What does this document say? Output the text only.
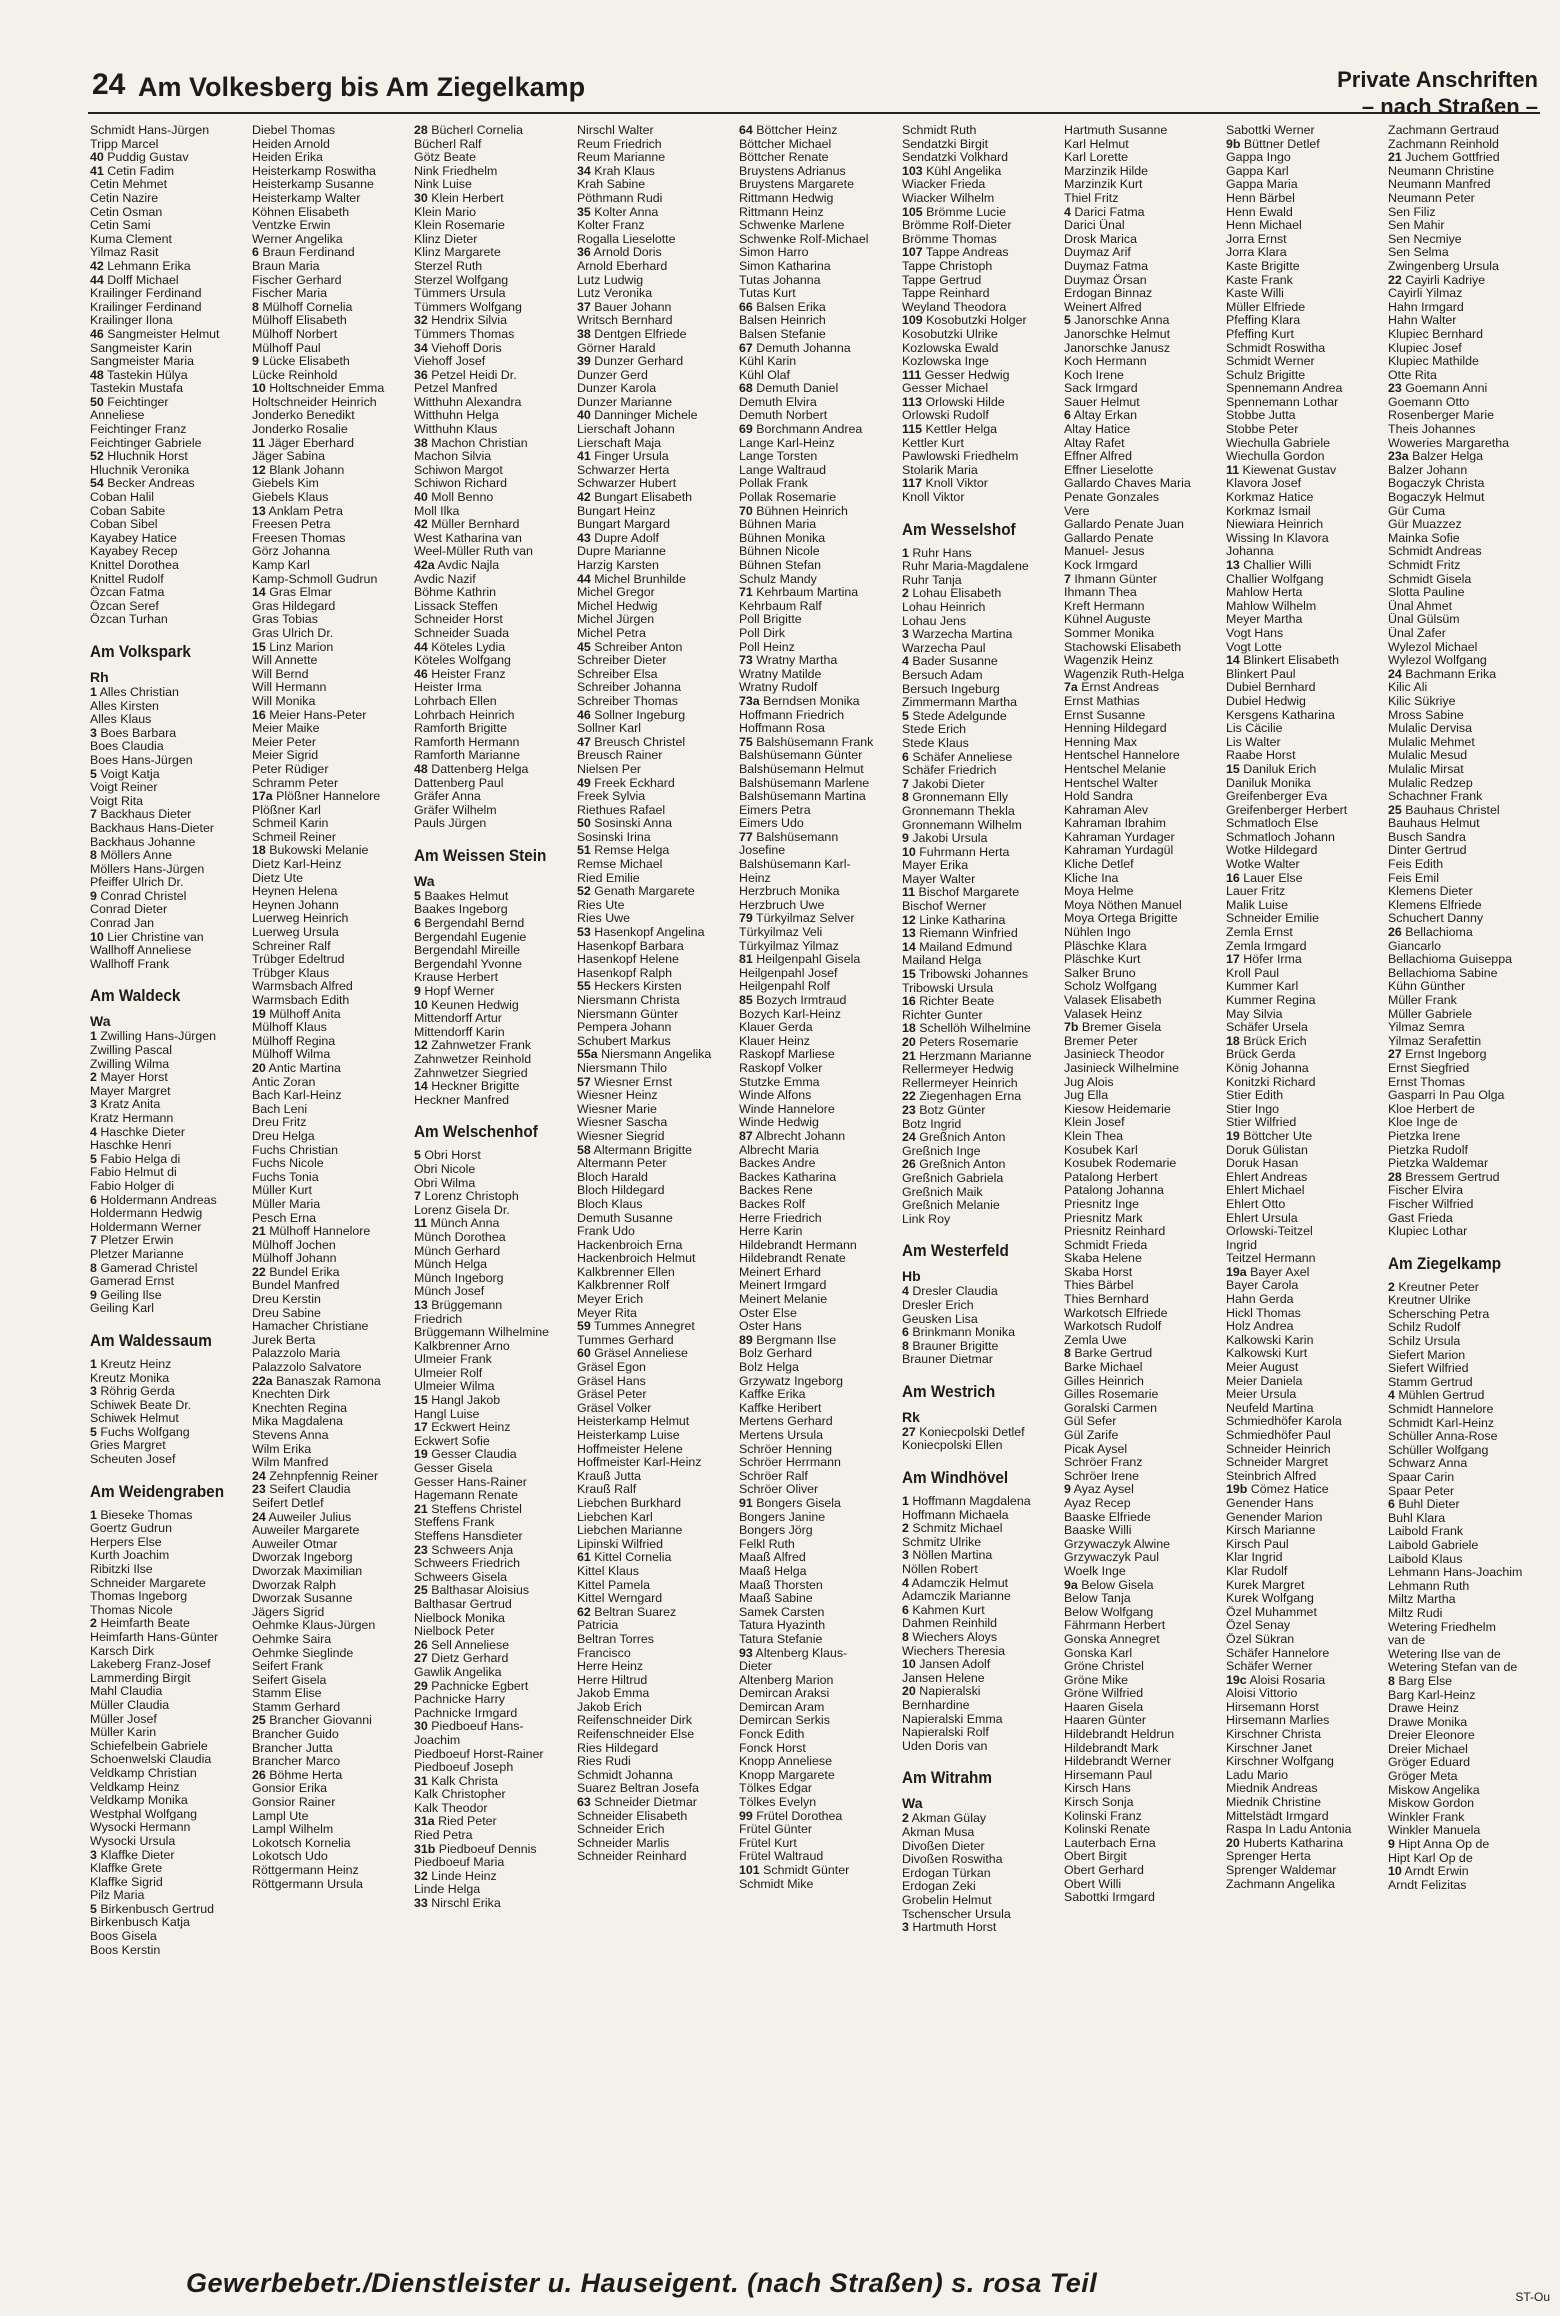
24 Am Volkesberg bis Am Ziegelkamp	Private Anschriften
– nach Straßen –
Schmidt Hans-Jürgen
Tripp Marcel
40 Puddig Gustav
41 Cetin Fadim
Cetin Mehmet
Cetin Nazire
Cetin Osman
Cetin Sami
Kuma Clement
Yilmaz Rasit
42 Lehmann Erika
44 Dolff Michael
Krailinger Ferdinand
Krailinger Ferdinand
Krailinger Ilona
46 Sangmeister Helmut
Sangmeister Karin
Sangmeister Maria
48 Tastekin Hülya
Tastekin Mustafa
50 Feichtinger
Anneliese
Feichtinger Franz
Feichtinger Gabriele
52 Hluchnik Horst
Hluchnik Veronika
54 Becker Andreas
Coban Halil
Coban Sabite
Coban Sibel
Kayabey Hatice
Kayabey Recep
Knittel Dorothea
Knittel Rudolf
Özcan Fatma
Özcan Seref
Özcan Turhan
Am Volkspark
Rh
1 Alles Christian
Alles Kirsten
Alles Klaus
3 Boes Barbara
Boes Claudia
Boes Hans-Jürgen
5 Voigt Katja
Voigt Reiner
Voigt Rita
7 Backhaus Dieter
Backhaus Hans-Dieter
Backhaus Johanne
8 Möllers Anne
Möllers Hans-Jürgen
Pfeiffer Ulrich Dr.
9 Conrad Christel
Conrad Dieter
Conrad Jan
10 Lier Christine van
Wallhoff Anneliese
Wallhoff Frank
Am Waldeck
Wa
1 Zwilling Hans-Jürgen
Zwilling Pascal
Zwilling Wilma
2 Mayer Horst
Mayer Margret
3 Kratz Anita
Kratz Hermann
4 Haschke Dieter
Haschke Henri
5 Fabio Helga di
Fabio Helmut di
Fabio Holger di
6 Holdermann Andreas
Holdermann Hedwig
Holdermann Werner
7 Pletzer Erwin
Pletzer Marianne
8 Gamerad Christel
Gamerad Ernst
9 Geiling Ilse
Geiling Karl
Am Waldessaum
1 Kreutz Heinz
Kreutz Monika
3 Röhrig Gerda
Schiwek Beate Dr.
Schiwek Helmut
5 Fuchs Wolfgang
Gries Margret
Scheuten Josef
Am Weidengraben
1 Bieseke Thomas
Goertz Gudrun
Herpers Else
Kurth Joachim
Ribitzki Ilse
Schneider Margarete
Thomas Ingeborg
Thomas Nicole
2 Heimfarth Beate
Heimfarth Hans-Günter
Karsch Dirk
Lakeberg Franz-Josef
Lammerding Birgit
Mahl Claudia
Müller Claudia
Müller Josef
Müller Karin
Schiefelbein Gabriele
Schoenwelski Claudia
Veldkamp Christian
Veldkamp Heinz
Veldkamp Monika
Westphal Wolfgang
Wysocki Hermann
Wysocki Ursula
3 Klaffke Dieter
Klaffke Grete
Klaffke Sigrid
Pilz Maria
5 Birkenbusch Gertrud
Birkenbusch Katja
Boos Gisela
Boos Kerstin
Diebel Thomas
Heiden Arnold
Heiden Erika
Heisterkamp Roswitha
Heisterkamp Susanne
Heisterkamp Walter
Köhnen Elisabeth
Ventzke Erwin
Werner Angelika
6 Braun Ferdinand
Braun Maria
Fischer Gerhard
Fischer Maria
8 Mülhoff Cornelia
Mülhoff Elisabeth
Mülhoff Norbert
Mülhoff Paul
9 Lücke Elisabeth
Lücke Reinhold
10 Holtschneider Emma
Holtschneider Heinrich
Jonderko Benedikt
Jonderko Rosalie
11 Jäger Eberhard
Jäger Sabina
12 Blank Johann
Giebels Kim
Giebels Klaus
13 Anklam Petra
Freesen Petra
Freesen Thomas
Görz Johanna
Kamp Karl
Kamp-Schmoll Gudrun
14 Gras Elmar
Gras Hildegard
Gras Tobias
Gras Ulrich Dr.
15 Linz Marion
Will Annette
Will Bernd
Will Hermann
Will Monika
16 Meier Hans-Peter
Meier Maike
Meier Peter
Meier Sigrid
Peter Rüdiger
Schramm Peter
17a Plößner Hannelore
Plößner Karl
Schmeil Karin
Schmeil Reiner
18 Bukowski Melanie
Dietz Karl-Heinz
Dietz Ute
Heynen Helena
Heynen Johann
Luerweg Heinrich
Luerweg Ursula
Schreiner Ralf
Trübger Edeltrud
Trübger Klaus
Warmsbach Alfred
Warmsbach Edith
19 Mülhoff Anita
Mülhoff Klaus
Mülhoff Regina
Mülhoff Wilma
20 Antic Martina
Antic Zoran
Bach Karl-Heinz
Bach Leni
Dreu Fritz
Dreu Helga
Fuchs Christian
Fuchs Nicole
Fuchs Tonia
Müller Kurt
Müller Maria
Pesch Erna
21 Mülhoff Hannelore
Mülhoff Jochen
Mülhoff Johann
22 Bundel Erika
Bundel Manfred
Dreu Kerstin
Dreu Sabine
Hamacher Christiane
Jurek Berta
Palazzolo Maria
Palazzolo Salvatore
22a Banaszak Ramona
Knechten Dirk
Knechten Regina
Mika Magdalena
Stevens Anna
Wilm Erika
Wilm Manfred
24 Zehnpfennig Reiner
23 Seifert Claudia
Seifert Detlef
24 Auweiler Julius
Auweiler Margarete
Auweiler Otmar
Dworzak Ingeborg
Dworzak Maximilian
Dworzak Ralph
Dworzak Susanne
Jägers Sigrid
Oehmke Klaus-Jürgen
Oehmke Saira
Oehmke Sieglinde
Seifert Frank
Seifert Gisela
Stamm Elise
Stamm Gerhard
25 Brancher Giovanni
Brancher Guido
Brancher Jutta
Brancher Marco
26 Böhme Herta
Gonsior Erika
Gonsior Rainer
Lampl Ute
Lampl Wilhelm
Lokotsch Kornelia
Lokotsch Udo
Röttgermann Heinz
Röttgermann Ursula
28 Bücherl Cornelia
Bücherl Ralf
Götz Beate
Nink Friedhelm
Nink Luise
30 Klein Herbert
Klein Mario
Klein Rosemarie
Klinz Dieter
Klinz Margarete
Sterzel Ruth
Sterzel Wolfgang
Tümmers Ursula
Tümmers Wolfgang
32 Hendrix Silvia
Tümmers Thomas
34 Viehoff Doris
Viehoff Josef
36 Petzel Heidi Dr.
Petzel Manfred
Witthuhn Alexandra
Witthuhn Helga
Witthuhn Klaus
38 Machon Christian
Machon Silvia
Schiwon Margot
Schiwon Richard
40 Moll Benno
Moll Ilka
42 Müller Bernhard
West Katharina van
Weel-Müller Ruth van
42a Avdic Najla
Avdic Nazif
Böhme Kathrin
Lissack Steffen
Schneider Horst
Schneider Suada
44 Köteles Lydia
Köteles Wolfgang
46 Heister Franz
Heister Irma
Lohrbach Ellen
Lohrbach Heinrich
Ramforth Brigitte
Ramforth Hermann
Ramforth Marianne
48 Dattenberg Helga
Dattenberg Paul
Gräfer Anna
Gräfer Wilhelm
Pauls Jürgen
Am Weissen Stein
Wa
5 Baakes Helmut
Baakes Ingeborg
6 Bergendahl Bernd
Bergendahl Eugenie
Bergendahl Mireille
Bergendahl Yvonne
Krause Herbert
9 Hopf Werner
10 Keunen Hedwig
Mittendorff Artur
Mittendorff Karin
12 Zahnwetzer Frank
Zahnwetzer Reinhold
Zahnwetzer Siegried
14 Heckner Brigitte
Heckner Manfred
Am Welschenhof
5 Obri Horst
Obri Nicole
Obri Wilma
7 Lorenz Christoph
Lorenz Gisela Dr.
11 Münch Anna
Münch Dorothea
Münch Gerhard
Münch Helga
Münch Ingeborg
Münch Josef
13 Brüggemann
Friedrich
Brüggemann Wilhelmine
Kalkbrenner Arno
Ulmeier Frank
Ulmeier Rolf
Ulmeier Wilma
15 Hangl Jakob
Hangl Luise
17 Eckwert Heinz
Eckwert Sofie
19 Gesser Claudia
Gesser Gisela
Gesser Hans-Rainer
Hagemann Renate
21 Steffens Christel
Steffens Frank
Steffens Hansdieter
23 Schweers Anja
Schweers Friedrich
Schweers Gisela
25 Balthasar Aloisius
Balthasar Gertrud
Nielbock Monika
Nielbock Peter
26 Sell Anneliese
27 Dietz Gerhard
Gawlik Angelika
29 Pachnicke Egbert
Pachnicke Harry
Pachnicke Irmgard
30 Piedboeuf Hans-
Joachim
Piedboeuf Horst-Rainer
Piedboeuf Joseph
31 Kalk Christa
Kalk Christopher
Kalk Theodor
31a Ried Peter
Ried Petra
31b Piedboeuf Dennis
Piedboeuf Maria
32 Linde Heinz
Linde Helga
33 Nirschl Erika
Nirschl Walter
Reum Friedrich
Reum Marianne
34 Krah Klaus
Krah Sabine
Pöthmann Rudi
35 Kolter Anna
Kolter Franz
Rogalla Lieselotte
36 Arnold Doris
Arnold Eberhard
Lutz Ludwig
Lutz Veronika
37 Bauer Johann
Writsch Bernhard
38 Dentgen Elfriede
Görner Harald
39 Dunzer Gerhard
Dunzer Gerd
Dunzer Karola
Dunzer Marianne
40 Danninger Michele
Lierschaft Johann
Lierschaft Maja
41 Finger Ursula
Schwarzer Herta
Schwarzer Hubert
42 Bungart Elisabeth
Bungart Heinz
Bungart Margard
43 Dupre Adolf
Dupre Marianne
Harzig Karsten
44 Michel Brunhilde
Michel Gregor
Michel Hedwig
Michel Jürgen
Michel Petra
45 Schreiber Anton
Schreiber Dieter
Schreiber Elsa
Schreiber Johanna
Schreiber Thomas
46 Sollner Ingeburg
Sollner Karl
47 Breusch Christel
Breusch Rainer
Nielsen Per
49 Freek Eckhard
Freek Sylvia
Riethues Rafael
50 Sosinski Anna
Sosinski Irina
51 Remse Helga
Remse Michael
Ried Emilie
52 Genath Margarete
Ries Ute
Ries Uwe
53 Hasenkopf Angelina
Hasenkopf Barbara
Hasenkopf Helene
Hasenkopf Ralph
55 Heckers Kirsten
Niersmann Christa
Niersmann Günter
Pempera Johann
Schubert Markus
55a Niersmann Angelika
Niersmann Thilo
57 Wiesner Ernst
Wiesner Heinz
Wiesner Marie
Wiesner Sascha
Wiesner Siegrid
58 Altermann Brigitte
Altermann Peter
Bloch Harald
Bloch Hildegard
Bloch Klaus
Demuth Susanne
Frank Udo
Hackenbroich Erna
Hackenbroich Helmut
Kalkbrenner Ellen
Kalkbrenner Rolf
Meyer Erich
Meyer Rita
59 Tummes Annegret
Tummes Gerhard
60 Gräsel Anneliese
Gräsel Egon
Gräsel Hans
Gräsel Peter
Gräsel Volker
Heisterkamp Helmut
Heisterkamp Luise
Hoffmeister Helene
Hoffmeister Karl-Heinz
Krauß Jutta
Krauß Ralf
Liebchen Burkhard
Liebchen Karl
Liebchen Marianne
Lipinski Wilfried
61 Kittel Cornelia
Kittel Klaus
Kittel Pamela
Kittel Werngard
62 Beltran Suarez
Patricia
Beltran Torres
Francisco
Herre Heinz
Herre Hiltrud
Jakob Emma
Jakob Erich
Reifenschneider Dirk
Reifenschneider Else
Ries Hildegard
Ries Rudi
Schmidt Johanna
Suarez Beltran Josefa
63 Schneider Dietmar
Schneider Elisabeth
Schneider Erich
Schneider Marlis
Schneider Reinhard
64 Böttcher Heinz
Böttcher Michael
Böttcher Renate
Bruystens Adrianus
Bruystens Margarete
Rittmann Hedwig
Rittmann Heinz
Schwenke Marlene
Schwenke Rolf-Michael
Simon Harro
Simon Katharina
Tutas Johanna
Tutas Kurt
66 Balsen Erika
Balsen Heinrich
Balsen Stefanie
67 Demuth Johanna
Kühl Karin
Kühl Olaf
68 Demuth Daniel
Demuth Elvira
Demuth Norbert
69 Borchmann Andrea
Lange Karl-Heinz
Lange Torsten
Lange Waltraud
Pollak Frank
Pollak Rosemarie
70 Bühnen Heinrich
Bühnen Maria
Bühnen Monika
Bühnen Nicole
Bühnen Stefan
Schulz Mandy
71 Kehrbaum Martina
Kehrbaum Ralf
Poll Brigitte
Poll Dirk
Poll Heinz
73 Wratny Martha
Wratny Matilde
Wratny Rudolf
73a Berndsen Monika
Hoffmann Friedrich
Hoffmann Rosa
75 Balshüsemann Frank
Balshüsemann Günter
Balshüsemann Helmut
Balshüsemann Marlene
Balshüsemann Martina
Eimers Petra
Eimers Udo
77 Balshüsemann
Josefine
Balshüsemann Karl-
Heinz
Herzbruch Monika
Herzbruch Uwe
79 Türkyilmaz Selver
Türkyilmaz Veli
Türkyilmaz Yilmaz
81 Heilgenpahl Gisela
Heilgenpahl Josef
Heilgenpahl Rolf
85 Bozych Irmtraud
Bozych Karl-Heinz
Klauer Gerda
Klauer Heinz
Raskopf Marliese
Raskopf Volker
Stutzke Emma
Winde Alfons
Winde Hannelore
Winde Hedwig
87 Albrecht Johann
Albrecht Maria
Backes Andre
Backes Katharina
Backes Rene
Backes Rolf
Herre Friedrich
Herre Karin
Hildebrandt Hermann
Hildebrandt Renate
Meinert Erhard
Meinert Irmgard
Meinert Melanie
Oster Else
Oster Hans
89 Bergmann Ilse
Bolz Gerhard
Bolz Helga
Grzywatz Ingeborg
Kaffke Erika
Kaffke Heribert
Mertens Gerhard
Mertens Ursula
Schröer Henning
Schröer Herrmann
Schröer Ralf
Schröer Oliver
91 Bongers Gisela
Bongers Janine
Bongers Jörg
Felkl Ruth
Maaß Alfred
Maaß Helga
Maaß Thorsten
Maaß Sabine
Samek Carsten
Tatura Hyazinth
Tatura Stefanie
93 Altenberg Klaus-
Dieter
Altenberg Marion
Demircan Araksi
Demircan Aram
Demircan Serkis
Fonck Edith
Fonck Horst
Knopp Anneliese
Knopp Margarete
Tölkes Edgar
Tölkes Evelyn
99 Frütel Dorothea
Frütel Günter
Frütel Kurt
Frütel Waltraud
101 Schmidt Günter
Schmidt Mike
Schmidt Ruth
Sendatzki Birgit
Sendatzki Volkhard
103 Kühl Angelika
Wiacker Frieda
Wiacker Wilhelm
105 Brömme Lucie
Brömme Rolf-Dieter
Brömme Thomas
107 Tappe Andreas
Tappe Christoph
Tappe Gertrud
Tappe Reinhard
Weyland Theodora
109 Kosobutzki Holger
Kosobutzki Ulrike
Kozlowska Ewald
Kozlowska Inge
111 Gesser Hedwig
Gesser Michael
113 Orlowski Hilde
Orlowski Rudolf
115 Kettler Helga
Kettler Kurt
Pawlowski Friedhelm
Stolarik Maria
117 Knoll Viktor
Knoll Viktor
Am Wesselshof
1 Ruhr Hans
Ruhr Maria-Magdalene
Ruhr Tanja
2 Lohau Elisabeth
Lohau Heinrich
Lohau Jens
3 Warzecha Martina
Warzecha Paul
4 Bader Susanne
Bersuch Adam
Bersuch Ingeburg
Zimmermann Martha
5 Stede Adelgunde
Stede Erich
Stede Klaus
6 Schäfer Anneliese
Schäfer Friedrich
7 Jakobi Dieter
8 Gronnemann Elly
Gronnemann Thekla
Gronnemann Wilhelm
9 Jakobi Ursula
10 Fuhrmann Herta
Mayer Erika
Mayer Walter
11 Bischof Margarete
Bischof Werner
12 Linke Katharina
13 Riemann Winfried
14 Mailand Edmund
Mailand Helga
15 Tribowski Johannes
Tribowski Ursula
16 Richter Beate
Richter Gunter
18 Schellöh Wilhelmine
20 Peters Rosemarie
21 Herzmann Marianne
Rellermeyer Hedwig
Rellermeyer Heinrich
22 Ziegenhagen Erna
23 Botz Günter
Botz Ingrid
24 Greßnich Anton
Greßnich Inge
26 Greßnich Anton
Greßnich Gabriela
Greßnich Maik
Greßnich Melanie
Link Roy
Am Westerfeld
Hb
4 Dresler Claudia
Dresler Erich
Geusken Lisa
6 Brinkmann Monika
8 Brauner Brigitte
Brauner Dietmar
Am Westrich
Rk
27 Koniecpolski Detlef
Koniecpolski Ellen
Am Windhövel
1 Hoffmann Magdalena
Hoffmann Michaela
2 Schmitz Michael
Schmitz Ulrike
3 Nöllen Martina
Nöllen Robert
4 Adamczik Helmut
Adamczik Marianne
6 Kahmen Kurt
Dahmen Reinhild
8 Wiechers Aloys
Wiechers Theresia
10 Jansen Adolf
Jansen Helene
20 Napieralski
Bernhardine
Napieralski Emma
Napieralski Rolf
Uden Doris van
Am Witrahm
Wa
2 Akman Gülay
Akman Musa
Divoßen Dieter
Divoßen Roswitha
Erdogan Türkan
Erdogan Zeki
Grobelin Helmut
Tschenscher Ursula
3 Hartmuth Horst
Hartmuth Susanne
Karl Helmut
Karl Lorette
Marzinzik Hilde
Marzinzik Kurt
Thiel Fritz
4 Darici Fatma
Darici Ünal
Drosk Marica
Duymaz Arif
Duymaz Fatma
Duymaz Örsan
Erdogan Binnaz
Weinert Alfred
5 Janorschke Anna
Janorschke Helmut
Janorschke Janusz
Koch Hermann
Koch Irene
Sack Irmgard
Sauer Helmut
6 Altay Erkan
Altay Hatice
Altay Rafet
Effner Alfred
Effner Lieselotte
Gallardo Chaves Maria
Penate Gonzales
Vere
Gallardo Penate Juan
Gallardo Penate
Manuel- Jesus
Kock Irmgard
7 Ihmann Günter
Ihmann Thea
Kreft Hermann
Kühnel Auguste
Sommer Monika
Stachowski Elisabeth
Wagenzik Heinz
Wagenzik Ruth-Helga
7a Ernst Andreas
Ernst Mathias
Ernst Susanne
Henning Hildegard
Henning Max
Hentschel Hannelore
Hentschel Melanie
Hentschel Walter
Hold Sandra
Kahraman Alev
Kahraman Ibrahim
Kahraman Yurdager
Kahraman Yurdagül
Kliche Detlef
Kliche Ina
Moya Helme
Moya Nöthen Manuel
Moya Ortega Brigitte
Nühlen Ingo
Pläschke Klara
Pläschke Kurt
Salker Bruno
Scholz Wolfgang
Valasek Elisabeth
Valasek Heinz
7b Bremer Gisela
Bremer Peter
Jasinieck Theodor
Jasinieck Wilhelmine
Jug Alois
Jug Ella
Kiesow Heidemarie
Klein Josef
Klein Thea
Kosubek Karl
Kosubek Rodemarie
Patalong Herbert
Patalong Johanna
Priesnitz Inge
Priesnitz Mark
Priesnitz Reinhard
Schmidt Frieda
Skaba Helene
Skaba Horst
Thies Bärbel
Thies Bernhard
Warkotsch Elfriede
Warkotsch Rudolf
Zemla Uwe
8 Barke Gertrud
Barke Michael
Gilles Heinrich
Gilles Rosemarie
Goralski Carmen
Gül Sefer
Gül Zarife
Picak Aysel
Schröer Franz
Schröer Irene
9 Ayaz Aysel
Ayaz Recep
Baaske Elfriede
Baaske Willi
Grzywaczyk Alwine
Grzywaczyk Paul
Woelk Inge
9a Below Gisela
Below Tanja
Below Wolfgang
Fährmann Herbert
Gonska Annegret
Gonska Karl
Gröne Christel
Gröne Mike
Gröne Wilfried
Haaren Gisela
Haaren Günter
Hildebrandt Heldrun
Hildebrandt Mark
Hildebrandt Werner
Hirsemann Paul
Kirsch Hans
Kirsch Sonja
Kolinski Franz
Kolinski Renate
Lauterbach Erna
Obert Birgit
Obert Gerhard
Obert Willi
Sabottki Irmgard
Sabottki Werner
9b Büttner Detlef
Gappa Ingo
Gappa Karl
Gappa Maria
Henn Bärbel
Henn Ewald
Henn Michael
Jorra Ernst
Jorra Klara
Kaste Brigitte
Kaste Frank
Kaste Willi
Müller Elfriede
Pfeffing Klara
Pfeffing Kurt
Schmidt Roswitha
Schmidt Werner
Schulz Brigitte
Spennemann Andrea
Spennemann Lothar
Stobbe Jutta
Stobbe Peter
Wiechulla Gabriele
Wiechulla Gordon
11 Kiewenat Gustav
Klavora Josef
Korkmaz Hatice
Korkmaz Ismail
Niewiara Heinrich
Wissing In Klavora
Johanna
13 Challier Willi
Challier Wolfgang
Mahlow Herta
Mahlow Wilhelm
Meyer Martha
Vogt Hans
Vogt Lotte
14 Blinkert Elisabeth
Blinkert Paul
Dubiel Bernhard
Dubiel Hedwig
Kersgens Katharina
Lis Cäcilie
Lis Walter
Raabe Horst
15 Daniluk Erich
Daniluk Monika
Greifenberger Eva
Greifenberger Herbert
Schmatloch Else
Schmatloch Johann
Wotke Hildegard
Wotke Walter
16 Lauer Else
Lauer Fritz
Malik Luise
Schneider Emilie
Zemla Ernst
Zemla Irmgard
17 Höfer Irma
Kroll Paul
Kummer Karl
Kummer Regina
May Silvia
Schäfer Ursela
18 Brück Erich
Brück Gerda
König Johanna
Konitzki Richard
Stier Edith
Stier Ingo
Stier Wilfried
19 Böttcher Ute
Doruk Gülistan
Doruk Hasan
Ehlert Andreas
Ehlert Michael
Ehlert Otto
Ehlert Ursula
Orlowski-Teitzel
Ingrid
Teitzel Hermann
19a Bayer Axel
Bayer Carola
Hahn Gerda
Hickl Thomas
Holz Andrea
Kalkowski Karin
Kalkowski Kurt
Meier August
Meier Daniela
Meier Ursula
Neufeld Martina
Schmiedhöfer Karola
Schmiedhöfer Paul
Schneider Heinrich
Schneider Margret
Steinbrich Alfred
19b Cömez Hatice
Genender Hans
Genender Marion
Kirsch Marianne
Kirsch Paul
Klar Ingrid
Klar Rudolf
Kurek Margret
Kurek Wolfgang
Özel Muhammet
Özel Senay
Özel Sükran
Schäfer Hannelore
Schäfer Werner
19c Aloisi Rosaria
Aloisi Vittorio
Hirsemann Horst
Hirsemann Marlies
Kirschner Christa
Kirschner Janet
Kirschner Wolfgang
Ladu Mario
Miednik Andreas
Miednik Christine
Mittelstädt Irmgard
Raspa In Ladu Antonia
20 Huberts Katharina
Sprenger Herta
Sprenger Waldemar
Zachmann Angelika
Zachmann Gertraud
Zachmann Reinhold
21 Juchem Gottfried
Neumann Christine
Neumann Manfred
Neumann Peter
Sen Filiz
Sen Mahir
Sen Necmiye
Sen Selma
Zwingenberg Ursula
22 Cayirli Kadriye
Cayirli Yilmaz
Hahn Irmgard
Hahn Walter
Klupiec Bernhard
Klupiec Josef
Klupiec Mathilde
Otte Rita
23 Goemann Anni
Goemann Otto
Rosenberger Marie
Theis Johannes
Woweries Margaretha
23a Balzer Helga
Balzer Johann
Bogaczyk Christa
Bogaczyk Helmut
Gür Cuma
Gür Muazzez
Mainka Sofie
Schmidt Andreas
Schmidt Fritz
Schmidt Gisela
Slotta Pauline
Ünal Ahmet
Ünal Gülsüm
Ünal Zafer
Wylezol Michael
Wylezol Wolfgang
24 Bachmann Erika
Kilic Ali
Kilic Sükriye
Mross Sabine
Mulalic Dervisa
Mulalic Mehmet
Mulalic Mesud
Mulalic Mirsat
Mulalic Redzep
Schachner Frank
25 Bauhaus Christel
Bauhaus Helmut
Busch Sandra
Dinter Gertrud
Feis Edith
Feis Emil
Klemens Dieter
Klemens Elfriede
Schuchert Danny
26 Bellachioma
Giancarlo
Bellachioma Guiseppa
Bellachioma Sabine
Kühn Günther
Müller Frank
Müller Gabriele
Yilmaz Semra
Yilmaz Serafettin
27 Ernst Ingeborg
Ernst Siegfried
Ernst Thomas
Gasparri In Pau Olga
Kloe Herbert de
Kloe Inge de
Pietzka Irene
Pietzka Rudolf
Pietzka Waldemar
28 Bressem Gertrud
Fischer Elvira
Fischer Wilfried
Gast Frieda
Klupiec Lothar
Am Ziegelkamp
2 Kreutner Peter
Kreutner Ulrike
Schersching Petra
Schilz Rudolf
Schilz Ursula
Siefert Marion
Siefert Wilfried
Stamm Gertrud
4 Mühlen Gertrud
Schmidt Hannelore
Schmidt Karl-Heinz
Schüller Anna-Rose
Schüller Wolfgang
Schwarz Anna
Spaar Carin
Spaar Peter
6 Buhl Dieter
Buhl Klara
Laibold Frank
Laibold Gabriele
Laibold Klaus
Lehmann Hans-Joachim
Lehmann Ruth
Miltz Martha
Miltz Rudi
Wetering Friedhelm
van de
Wetering Ilse van de
Wetering Stefan van de
8 Barg Else
Barg Karl-Heinz
Drawe Heinz
Drawe Monika
Dreier Eleonore
Dreier Michael
Gröger Eduard
Gröger Meta
Miskow Angelika
Miskow Gordon
Winkler Frank
Winkler Manuela
9 Hipt Anna Op de
Hipt Karl Op de
10 Arndt Erwin
Arndt Felizitas
Gewerbebetr./Dienstleister u. Hauseigent. (nach Straßen) s. rosa Teil	ST-Ou
